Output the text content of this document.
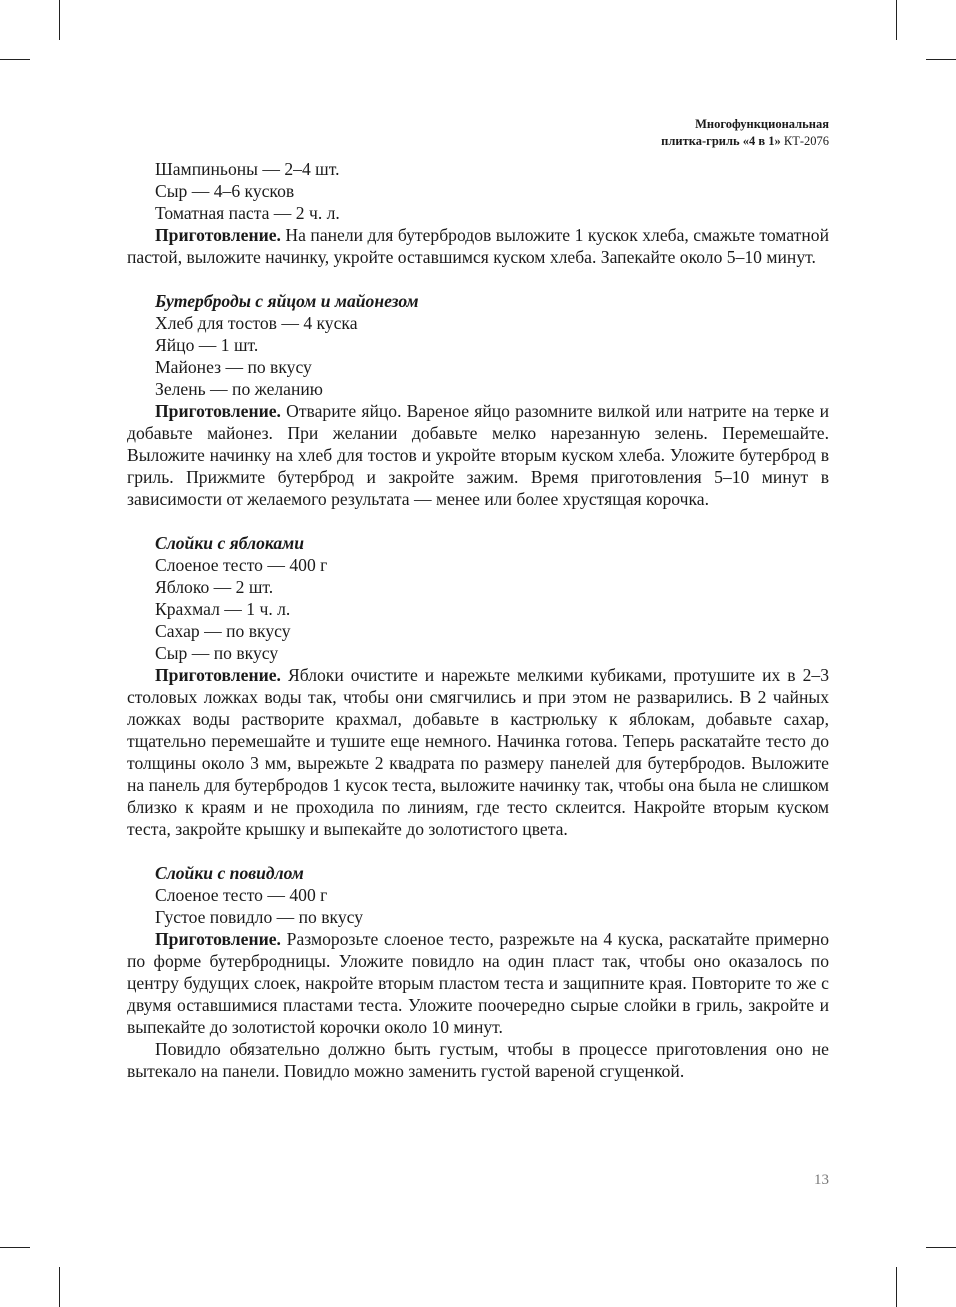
Многофункциональная
плитка-гриль «4 в 1» КТ-2076
Шампиньоны — 2–4 шт.
Сыр — 4–6 кусков
Томатная паста — 2 ч. л.

Приготовление. На панели для бутербродов выложите 1 кускок хлеба, смажьте томатной пастой, выложите начинку, укройте оставшимся куском хлеба. Запекайте около 5–10 минут.

Бутерброды с яйцом и майонезом
Хлеб для тостов — 4 куска
Яйцо — 1 шт.
Майонез — по вкусу
Зелень — по желанию

Приготовление. Отварите яйцо. Вареное яйцо разомните вилкой или натрите на терке и добавьте майонез. При желании добавьте мелко нарезанную зелень. Перемешайте. Выложите начинку на хлеб для тостов и укройте вторым куском хлеба. Уложите бутерброд в гриль. Прижмите бутерброд и закройте зажим. Время приготовления 5–10 минут в зависимости от желаемого результата — менее или более хрустящая корочка.

Слойки с яблоками
Слоеное тесто — 400 г
Яблоко — 2 шт.
Крахмал — 1 ч. л.
Сахар — по вкусу
Сыр — по вкусу

Приготовление. Яблоки очистите и нарежьте мелкими кубиками, протушите их в 2–3 столовых ложках воды так, чтобы они смягчились и при этом не разварились. В 2 чайных ложках воды растворите крахмал, добавьте в кастрюльку к яблокам, добавьте сахар, тщательно перемешайте и тушите еще немного. Начинка готова. Теперь раскатайте тесто до толщины около 3 мм, вырежьте 2 квадрата по размеру панелей для бутербродов. Выложите на панель для бутербродов 1 кусок теста, выложите начинку так, чтобы она была не слишком близко к краям и не проходила по линиям, где тесто склеится. Накройте вторым куском теста, закройте крышку и выпекайте до золотистого цвета.

Слойки с повидлом
Слоеное тесто — 400 г
Густое повидло — по вкусу

Приготовление. Разморозьте слоеное тесто, разрежьте на 4 куска, раскатайте примерно по форме бутербродницы. Уложите повидло на один пласт так, чтобы оно оказалось по центру будущих слоек, накройте вторым пластом теста и защипните края. Повторите то же с двумя оставшимися пластами теста. Уложите поочередно сырые слойки в гриль, закройте и выпекайте до золотистой корочки около 10 минут.

Повидло обязательно должно быть густым, чтобы в процессе приготовления оно не вытекало на панели. Повидло можно заменить густой вареной сгущенкой.

13
